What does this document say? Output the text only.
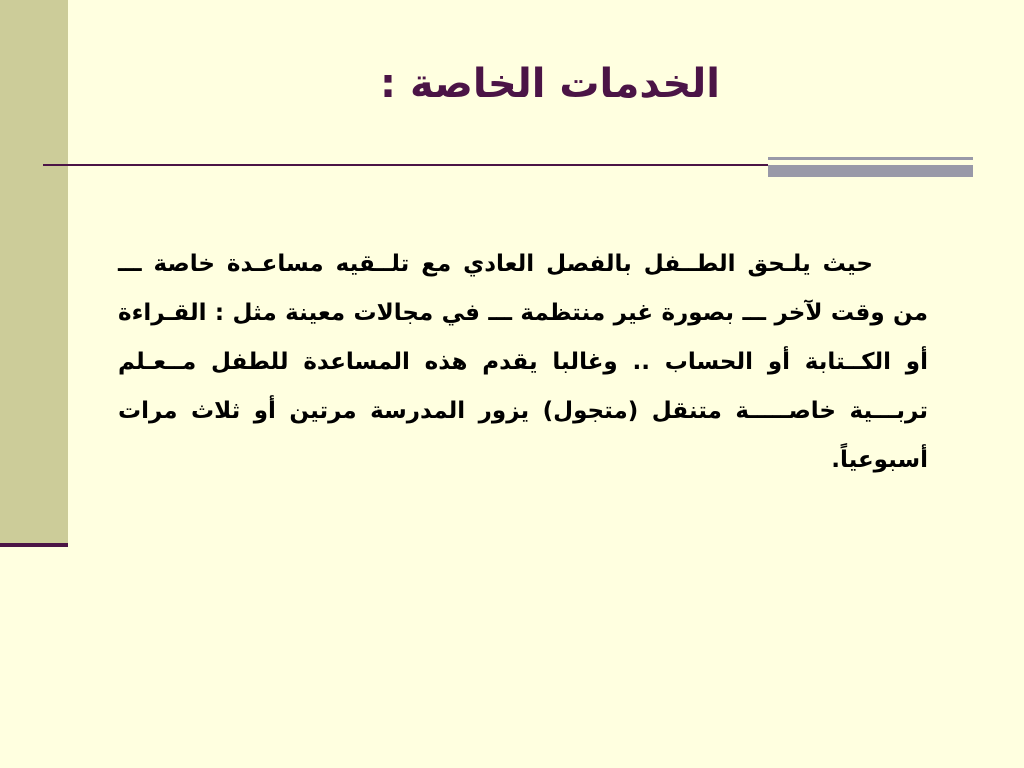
الخدمات الخاصة :

حيث يلـحق الطــفل بالفصل العادي مع تلــقيه مساعـدة خاصة ـــ من وقت لآخر ـــ بصورة غير منتظمة ـــ في مجالات معينة مثل : القـراءة أو الكــتابة أو الحساب .. وغالبا يقدم هذه المساعدة للطفل مــعـلم تربـــية خاصـــــة متنقل (متجول) يزور المدرسة مرتين أو ثلاث مرات أسبوعياً.
